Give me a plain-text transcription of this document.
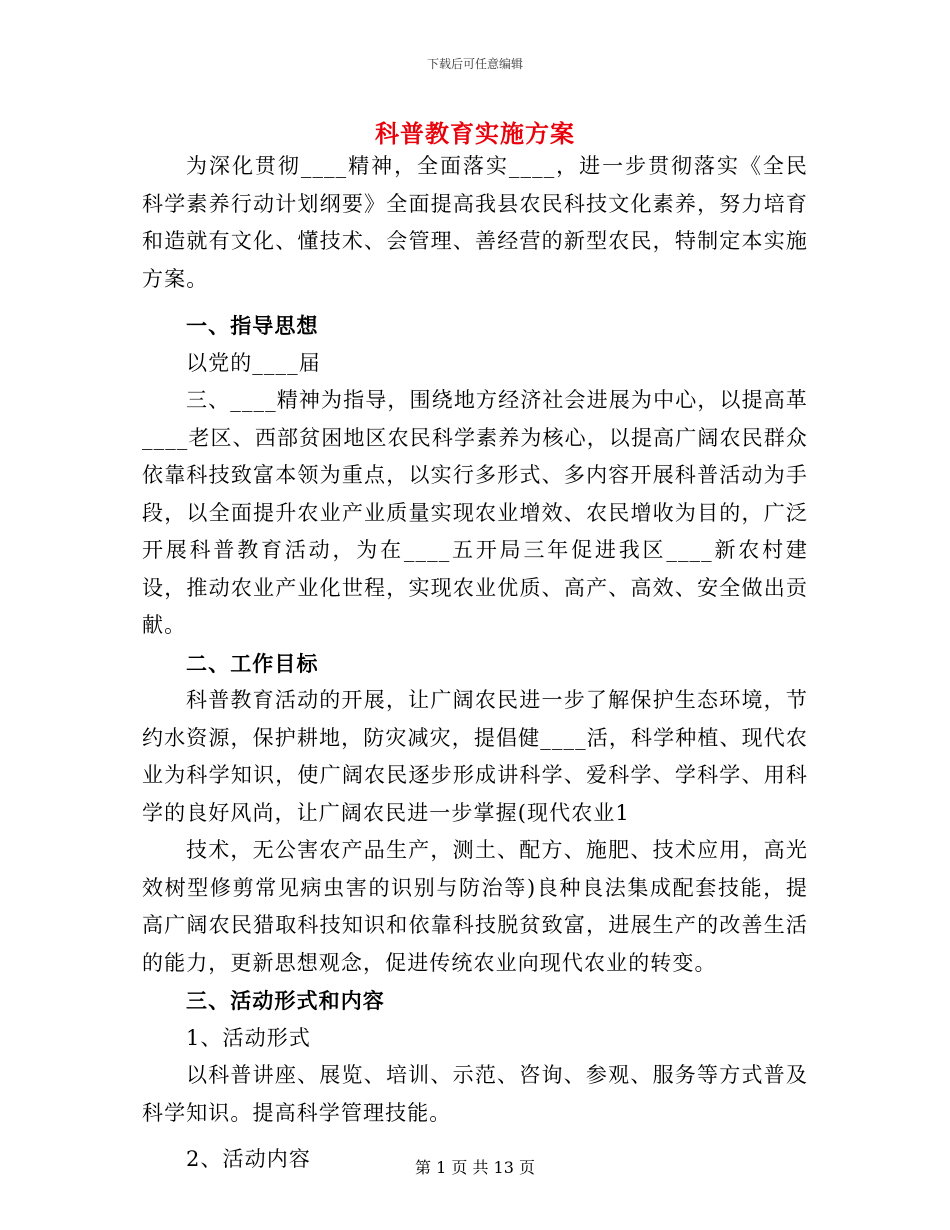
下载后可任意编辑
科普教育实施方案

为深化贯彻____精神，全面落实____，进一步贯彻落实《全民科学素养行动计划纲要》全面提高我县农民科技文化素养，努力培育和造就有文化、懂技术、会管理、善经营的新型农民，特制定本实施方案。

一、指导思想

以党的____届

三、____精神为指导，围绕地方经济社会进展为中心，以提高革____老区、西部贫困地区农民科学素养为核心，以提高广阔农民群众依靠科技致富本领为重点，以实行多形式、多内容开展科普活动为手段，以全面提升农业产业质量实现农业增效、农民增收为目的，广泛开展科普教育活动，为在____五开局三年促进我区____新农村建设，推动农业产业化世程，实现农业优质、高产、高效、安全做出贡献。

二、工作目标

科普教育活动的开展，让广阔农民进一步了解保护生态环境，节约水资源，保护耕地，防灾减灾，提倡健____活，科学种植、现代农业为科学知识，使广阔农民逐步形成讲科学、爱科学、学科学、用科学的良好风尚，让广阔农民进一步掌握(现代农业1

技术，无公害农产品生产，测土、配方、施肥、技术应用，高光效树型修剪常见病虫害的识别与防治等)良种良法集成配套技能，提高广阔农民猎取科技知识和依靠科技脱贫致富，进展生产的改善生活的能力，更新思想观念，促进传统农业向现代农业的转变。

三、活动形式和内容

1、活动形式

以科普讲座、展览、培训、示范、咨询、参观、服务等方式普及科学知识。提高科学管理技能。

2、活动内容	第 1 页 共 13 页
